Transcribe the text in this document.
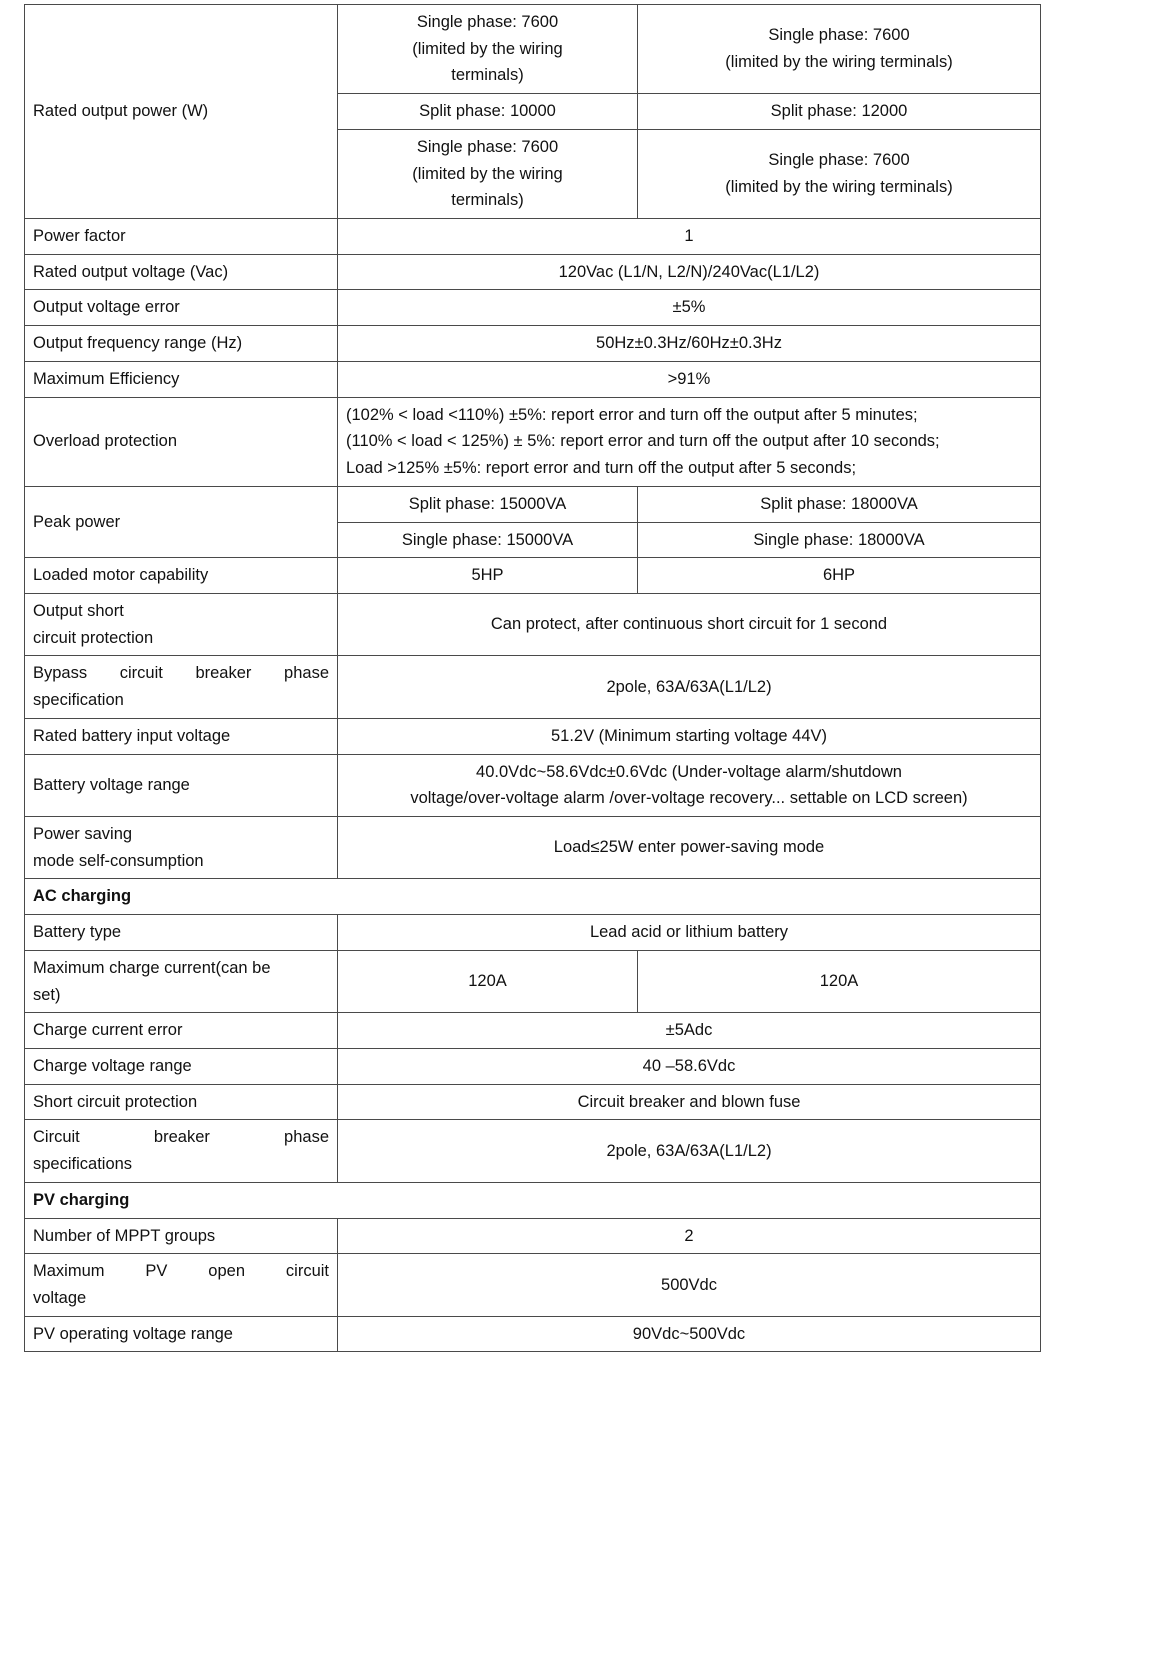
Rated output power (W)	Single phase: 7600
(limited by the wiring
terminals)	Single phase: 7600
(limited by the wiring terminals)
	Split phase: 10000	Split phase: 12000
	Single phase: 7600
(limited by the wiring
terminals)	Single phase: 7600
(limited by the wiring terminals)
Power factor	1	
Rated output voltage (Vac)	120Vac (L1/N, L2/N)/240Vac(L1/L2)	
Output voltage error	±5%	
Output frequency range (Hz)	50Hz±0.3Hz/60Hz±0.3Hz	
Maximum Efficiency	>91%	
Overload protection	(102% < load <110%) ±5%: report error and turn off the output after 5 minutes;
(110% < load < 125%) ± 5%: report error and turn off the output after 10 seconds;
Load >125% ±5%: report error and turn off the output after 5 seconds;	

Peak power	Split phase: 15000VA	Split phase: 18000VA
	Single phase: 15000VA	Single phase: 18000VA
Loaded motor capability	5HP	6HP
Output short
circuit protection	Can protect, after continuous short circuit for 1 second	

Bypass circuit breaker phase
specification	2pole, 63A/63A(L1/L2)	
Rated battery input voltage	51.2V (Minimum starting voltage 44V)	
Battery voltage range	40.0Vdc~58.6Vdc±0.6Vdc (Under-voltage alarm/shutdown
voltage/over-voltage alarm /over-voltage recovery... settable on LCD screen)	
Power saving
mode self-consumption	Load≤25W enter power-saving mode	
AC charging		
Battery type	Lead acid or lithium battery	
Maximum charge current(can be
set)	120A	120A
Charge current error	±5Adc	
Charge voltage range	40 –58.6Vdc	
Short circuit protection	Circuit breaker and blown fuse	

Circuit breaker phase
specifications	2pole, 63A/63A(L1/L2)	
PV charging		
Number of MPPT groups	2	

Maximum PV open circuit
voltage	500Vdc	
PV operating voltage range	90Vdc~500Vdc	
